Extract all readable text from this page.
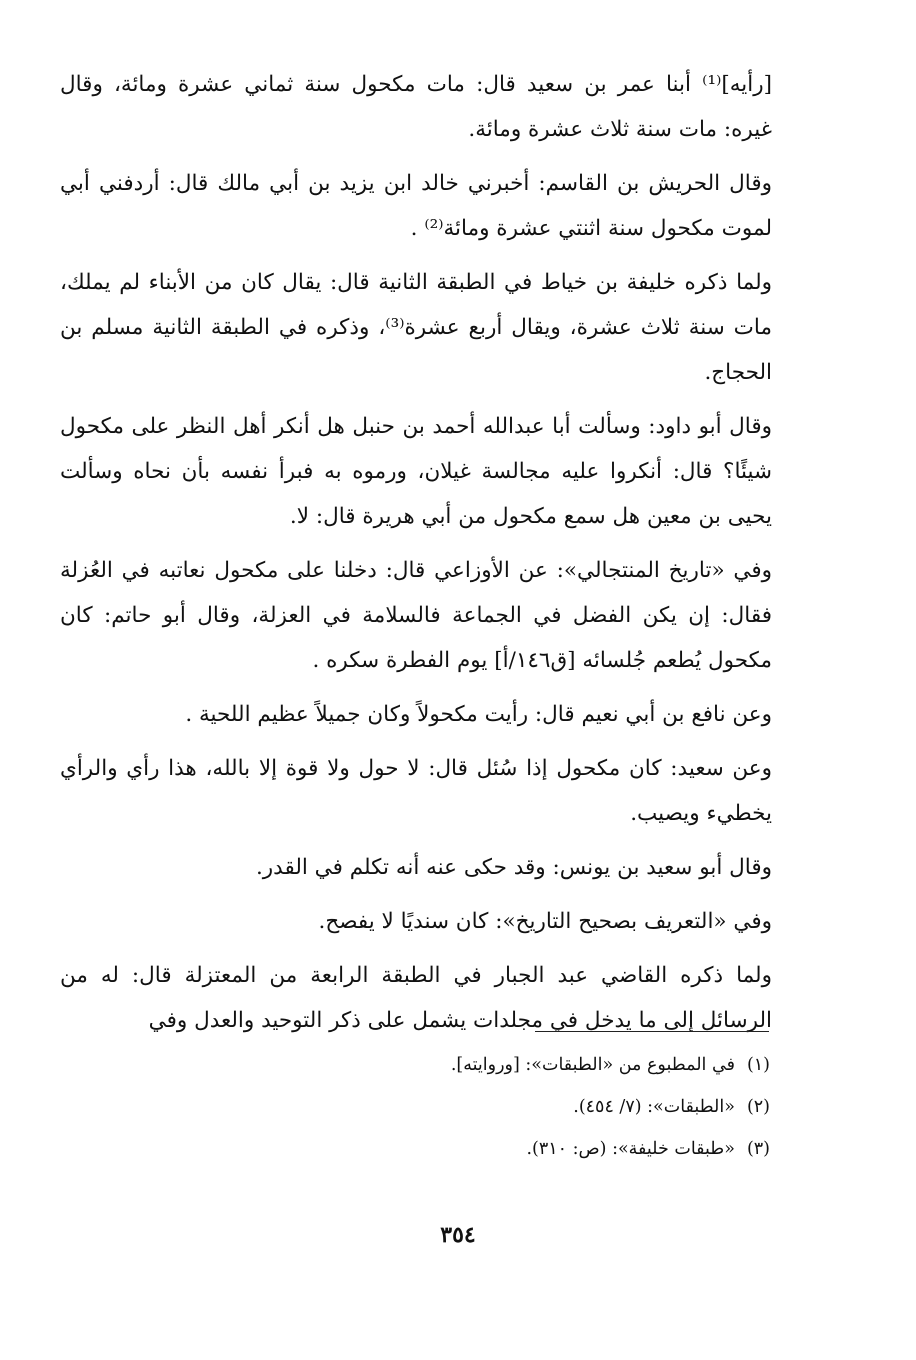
[رأيه]⁽¹⁾ أبنا عمر بن سعيد قال: مات مكحول سنة ثماني عشرة ومائة، وقال غيره: مات سنة ثلاث عشرة ومائة.

وقال الحريش بن القاسم: أخبرني خالد ابن يزيد بن أبي مالك قال: أردفني أبي لموت مكحول سنة اثنتي عشرة ومائة⁽²⁾ .

ولما ذكره خليفة بن خياط في الطبقة الثانية قال: يقال كان من الأبناء لم يملك، مات سنة ثلاث عشرة، ويقال أربع عشرة⁽³⁾، وذكره في الطبقة الثانية مسلم بن الحجاج.

وقال أبو داود: وسألت أبا عبدالله أحمد بن حنبل هل أنكر أهل النظر على مكحول شيئًا؟ قال: أنكروا عليه مجالسة غيلان، ورموه به فبرأ نفسه بأن نحاه وسألت يحيى بن معين هل سمع مكحول من أبي هريرة قال: لا.

وفي «تاريخ المنتجالي»: عن الأوزاعي قال: دخلنا على مكحول نعاتبه في العُزلة فقال: إن يكن الفضل في الجماعة فالسلامة في العزلة، وقال أبو حاتم: كان مكحول يُطعم جُلسائه [ق١٤٦/أ] يوم الفطرة سكره .

وعن نافع بن أبي نعيم قال: رأيت مكحولاً وكان جميلاً عظيم اللحية .

وعن سعيد: كان مكحول إذا سُئل قال: لا حول ولا قوة إلا بالله، هذا رأي والرأي يخطيء ويصيب.

وقال أبو سعيد بن يونس: وقد حكى عنه أنه تكلم في القدر.

وفي «التعريف بصحيح التاريخ»: كان سنديًا لا يفصح.

ولما ذكره القاضي عبد الجبار في الطبقة الرابعة من المعتزلة قال: له من الرسائل إلى ما يدخل في مجلدات يشمل على ذكر التوحيد والعدل وفي

(١)في المطبوع من «الطبقات»: [وروايته].
(٢)«الطبقات»: (٧/ ٤٥٤).
(٣)«طبقات خليفة»: (ص: ٣١٠).
٣٥٤
